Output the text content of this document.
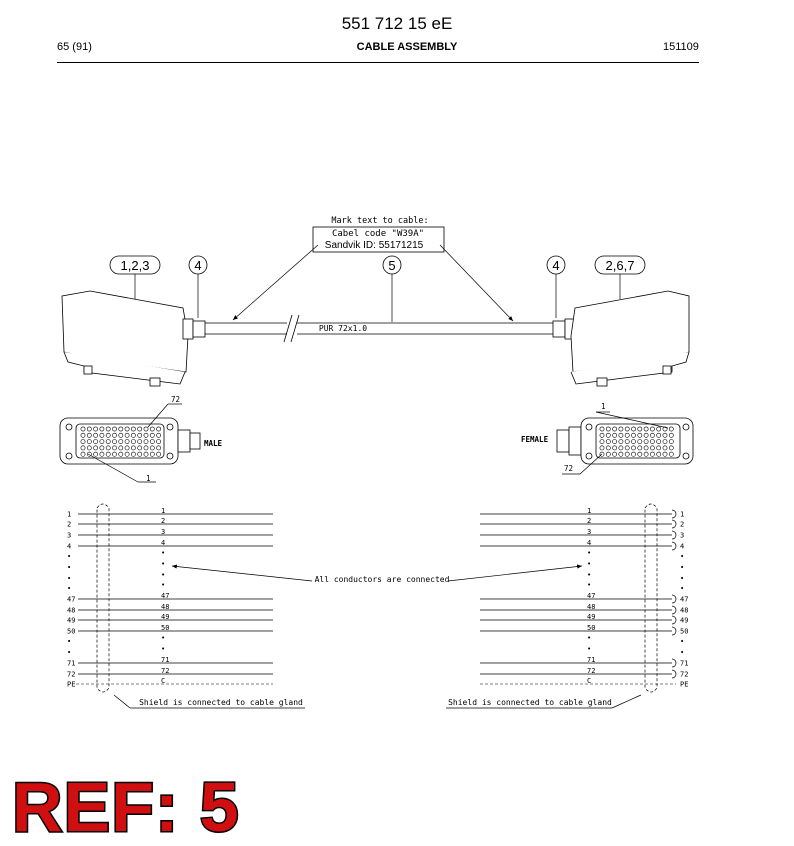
551 712 15 eE
65 (91)	CABLE ASSEMBLY	151109
Mark text to cable:
Cabel code "W39A"
Sandvik ID: 55171215
1,2,3	4	5	4	2,6,7
PUR 72x1.0
MALE
72
1
FEMALE
1
72
1	1
1	1
2	2
2	2
3	3
3	3
4	4
4	4
•	•
•	•
•	•
•	•
•	•
•	•
•	•
•	•
47	47
47	47
48	48
48	48
49	49
49	49
50	50
50	50
•	•
•	•
•	•
•	•
71	71
71	71
72	72
72	72
PE	PE
C	C
All conductors are connected
Shield is connected to cable gland	Shield is connected to cable gland
REF: 5
